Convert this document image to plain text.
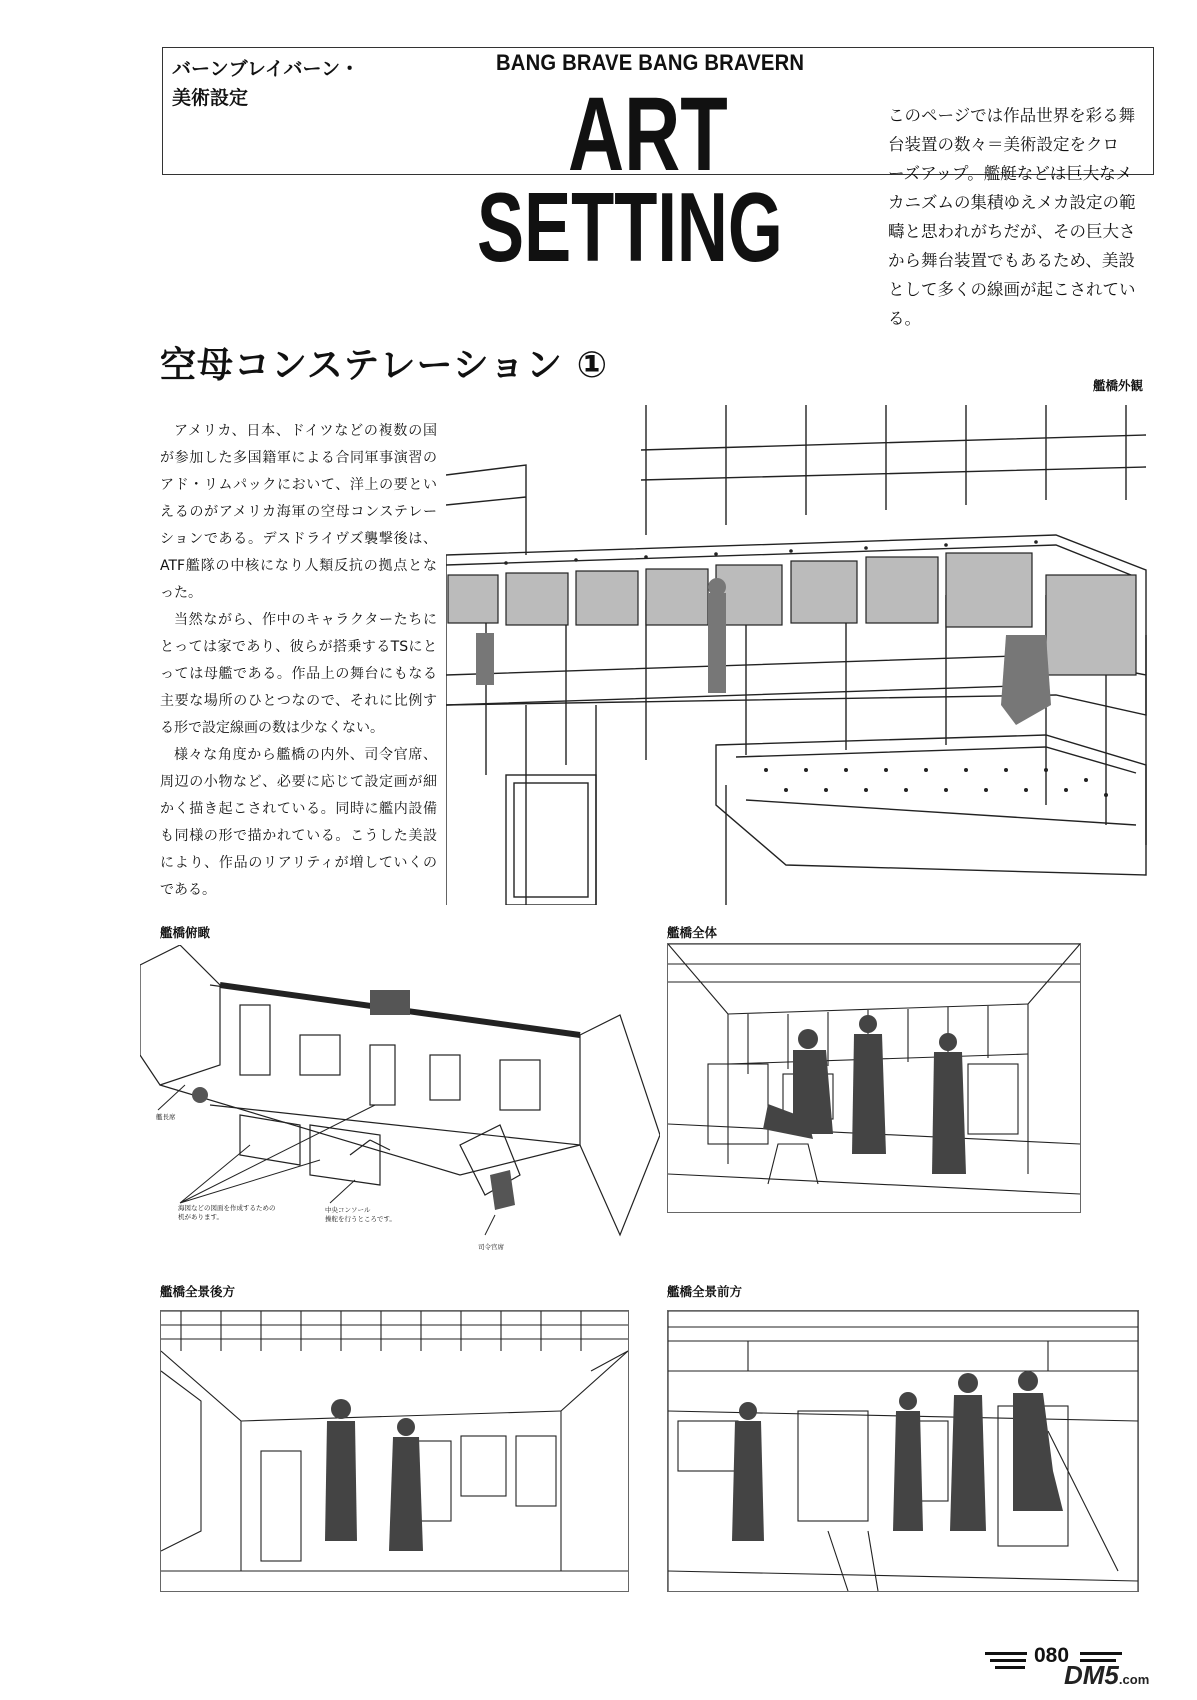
バーンブレイバーン・
美術設定
BANG BRAVE BANG BRAVERN
ART
SETTING

このページでは作品世界を彩る舞

台装置の数々＝美術設定をクロ

ーズアップ。艦艇などは巨大なメ

カニズムの集積ゆえメカ設定の範

疇と思われがちだが、その巨大さ

から舞台装置でもあるため、美設

として多くの線画が起こされている。

空母コンステレーション ①

アメリカ、日本、ドイツなどの複数の国が参加した多国籍軍による合同軍事演習のアド・リムパックにおいて、洋上の要といえるのがアメリカ海軍の空母コンステレーションである。デスドライヴズ襲撃後は、ATF艦隊の中核になり人類反抗の拠点となった。

当然ながら、作中のキャラクターたちにとっては家であり、彼らが搭乗するTSにとっては母艦である。作品上の舞台にもなる主要な場所のひとつなので、それに比例する形で設定線画の数は少なくない。

様々な角度から艦橋の内外、司令官席、周辺の小物など、必要に応じて設定画が細かく描き起こされている。同時に艦内設備も同様の形で描かれている。こうした美設により、作品のリアリティが増していくのである。

艦橋外観
艦橋俯瞰
艦長席
海図などの図面を作成するための
机があります。
中央コンソール
操舵を行うところです。
司令官席
艦橋全体
艦橋全景後方	艦橋全景前方
080
DM5.com
